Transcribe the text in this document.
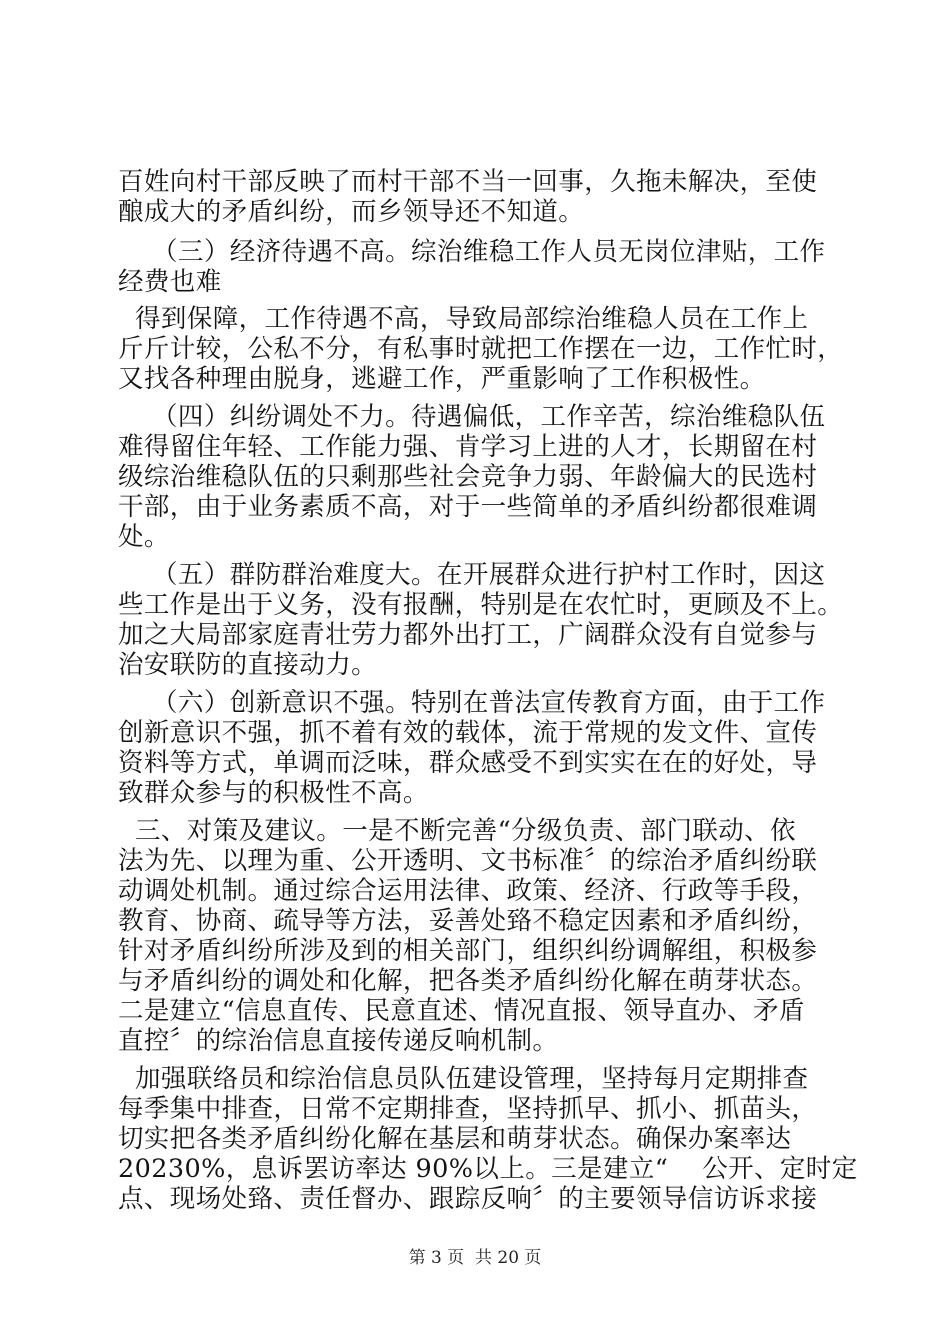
百姓向村干部反映了而村干部不当一回事，久拖未解决，至使
酿成大的矛盾纠纷，而乡领导还不知道。
（三）经济待遇不高。综治维稳工作人员无岗位津贴，工作
经费也难
得到保障，工作待遇不高，导致局部综治维稳人员在工作上
斤斤计较，公私不分，有私事时就把工作摆在一边，工作忙时，
又找各种理由脱身，逃避工作，严重影响了工作积极性。
（四）纠纷调处不力。待遇偏低，工作辛苦，综治维稳队伍
难得留住年轻、工作能力强、肯学习上进的人才，长期留在村
级综治维稳队伍的只剩那些社会竞争力弱、年龄偏大的民选村
干部，由于业务素质不高，对于一些简单的矛盾纠纷都很难调
处。
（五）群防群治难度大。在开展群众进行护村工作时，因这
些工作是出于义务，没有报酬，特别是在农忙时，更顾及不上。
加之大局部家庭青壮劳力都外出打工，广阔群众没有自觉参与
治安联防的直接动力。
（六）创新意识不强。特别在普法宣传教育方面，由于工作
创新意识不强，抓不着有效的载体，流于常规的发文件、宣传
资料等方式，单调而泛味，群众感受不到实实在在的好处，导
致群众参与的积极性不高。
三、对策及建议。一是不断完善“分级负责、部门联动、依
法为先、以理为重、公开透明、文书标准〞的综治矛盾纠纷联
动调处机制。通过综合运用法律、政策、经济、行政等手段，
教育、协商、疏导等方法，妥善处臵不稳定因素和矛盾纠纷，
针对矛盾纠纷所涉及到的相关部门，组织纠纷调解组，积极参
与矛盾纠纷的调处和化解，把各类矛盾纠纷化解在萌芽状态。
二是建立“信息直传、民意直述、情况直报、领导直办、矛盾
直控〞的综治信息直接传递反响机制。
加强联络员和综治信息员队伍建设管理，坚持每月定期排查
每季集中排查，日常不定期排查，坚持抓早、抓小、抓苗头，
切实把各类矛盾纠纷化解在基层和萌芽状态。确保办案率达
20230%，息诉罢访率达 90%以上。三是建立“    公开、定时定
点、现场处臵、责任督办、跟踪反响〞的主要领导信访诉求接
第 3 页  共 20 页
